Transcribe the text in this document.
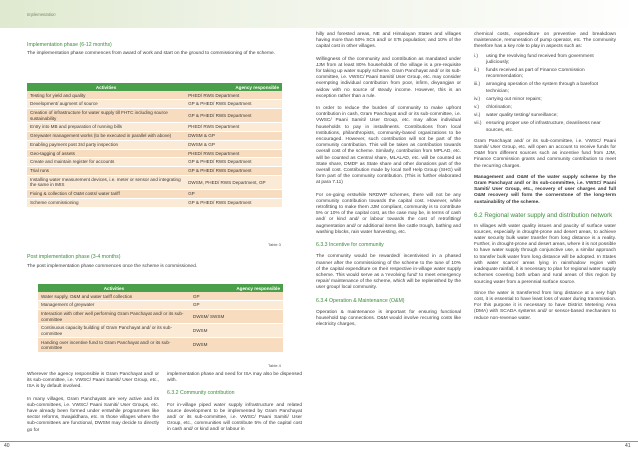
Implementation

Implementation phase (6-12 months)

The implementation phase commences from award of work and start on the ground to commissioning of the scheme.

Activities	Agency responsible
Testing for yield and quality	PHED/ RWS Department
Development/ augment of source	GP & PHED/ RWS Department
Creation of infrastructure for water supply till FHTC including source sustainability	GP & PHED/ RWS Department
Entry into MB and preparation of running bills	PHED/ RWS Department
Greywater management works (to be executed in parallel with above)	DWSM & GP
Enabling payment post 3rd party inspection	DWSM & GP
Geo-tagging of assets	PHED/ RWS Department
Create and maintain register for accounts	GP & PHED/ RWS Department
Trial runs	GP & PHED/ RWS Department
Installing water measurement devices, i.e. meter or sensor and integrating the same in IMIS	DWSM, PHED/ RWS Department, GP
Fixing & collection of O&M costs/ water tariff	GP
Scheme commissioning	GP & PHED/ RWS Department
Table 3

Post implementation phase (3-4 months)

The post implementation phase commences once the scheme is commissioned.

Activities	Agency responsible
Water supply, O&M and water tariff collection	GP
Management of greywater	GP
Interaction with other well performing Gram Panchayat and/ or its sub-committee	DWSM/ SWSM
Continuous capacity building of Gram Panchayat and/ or its sub-committee	DWSM
Handing over incentive fund to Gram Panchayat and/ or its sub-committee	DWSM
Table 4

Wherever the agency responsible is Gram Panchayat and/ or its sub-committee, i.e. VWSC/ Paani Samiti/ User Group, etc., ISA is by default involved.

In many villages, Gram Panchayats are very active and its sub-committees, i.e. VWSC/ Paani Samiti/ User Groups, etc. have already been formed under erstwhile programmes like sector reforms, Swajaldhara, etc. In those villages where the sub-committees are functional, DWSM may decide to directly go for

implementation phase and need for ISA may also be dispensed with.

6.3.2 Community contribution

For in-village piped water supply infrastructure and related source development to be implemented by Gram Panchayat and/ or its sub-committee, i.e. VWSC/ Paani Samiti/ User Group, etc., communities will contribute 5% of the capital cost in cash and/ or kind and/ or labour in

hilly and forested areas, NE and Himalayan States and villages having more than 50% SCs and/ or STs population; and 10% of the capital cost in other villages.

Willingness of the community and contribution as mandated under JJM from at least 80% households of the village is a pre-requisite for taking up water supply scheme. Gram Panchayat and/ or its sub-committee, i.e. VWSC/ Paani Samiti/ User Group, etc. may consider exempting individual contribution from poor, infirm, divyangjan or widow with no source of steady income. However, this is an exception rather than a rule.

In order to reduce the burden of community to make upfront contribution in cash, Gram Panchayat and/ or its sub-committee, i.e. VWSC/ Paani Samiti/ User Group, etc. may allow individual households to pay in installments. Contributions from local Institutions, philanthropists, community-based organizations to be encouraged. However, such contribution will not be part of the community contribution. This will be taken as contribution towards overall cost of the scheme. Similarly, contribution from MPLAD, etc. will be counted as Central share, MLALAD, etc. will be counted as State share, DMDF as State share and other donations part of the overall cost. Contribution made by local Self Help Group (SHG) will form part of the community contribution. (This is further elaborated at para 7.11)

For on-going erstwhile NRDWP schemes, there will not be any community contribution towards the capital cost. However, while retrofitting to make them JJM compliant, community is to contribute 5% or 10% of the capital cost, as the case may be, in terms of cash and/ or kind and/ or labour towards the cost of retrofitting/ augmentation and/ or additional items like cattle trough, bathing and washing blocks, rain water harvesting, etc.

6.3.3 Incentive for community

The community would be rewarded/ incentivised in a phased manner after the commissioning of the scheme to the tune of 10% of the capital expenditure on their respective in-village water supply scheme. This would serve as a 'revolving fund' to meet emergency repair/ maintenance of the scheme, which will be replenished by the user group/ local community.

6.3.4 Operation & Maintenance (O&M)

Operation & maintenance is important for ensuring functional household tap connections. O&M would involve recurring costs like electricity charges,

chemical costs, expenditure on preventive and breakdown maintenance, remuneration of pump operator, etc. The community therefore has a key role to play in aspects such as:

i.)	using the revolving fund received from government judiciously;
ii.)	funds received as part of Finance Commission recommendation;
iii.)	arranging operation of the system through a barefoot technician;
iv.)	carrying out minor repairs;
v.)	chlorination;
vi.)	water quality testing/ surveillance;
vii.) ensuring proper use of infrastructure, cleanliness near sources, etc.

Gram Panchayat and/ or its sub-committee, i.e. VWSC/ Paani Samiti/ User Group, etc. will open an account to receive funds for O&M from different sources such as incentive fund from JJM, Finance Commission grants and community contribution to meet the recurring charges.

Management and O&M of the water supply scheme by the Gram Panchayat and/ or its sub-committee, i.e. VWSC/ Paani Samiti/ User Group, etc., recovery of user charges and full O&M recovery will form the cornerstone of the long-term sustainability of the scheme.

6.2 Regional water supply and distribution network

In villages with water quality issues and paucity of surface water sources, especially in drought-prone and desert areas, to achieve water security bulk water transfer from long distance is a reality. Further, in drought-prone and desert areas, where it is not possible to have water supply through conjunctive use, a similar approach to transfer bulk water from long distance will be adopted. In States with water scarce/ areas lying in rainshadow region with inadequate rainfall, it is necessary to plan for regional water supply schemes covering both urban and rural areas of this region by sourcing water from a perennial surface source.

Since the water is transferred from long distance at a very high cost, it is essential to have least loss of water during transmission. For this purpose it is necessary to have District Metering Area (DMA) with SCADA systems and/ or sensor-based mechanism to reduce non-revenue water.

40	41
